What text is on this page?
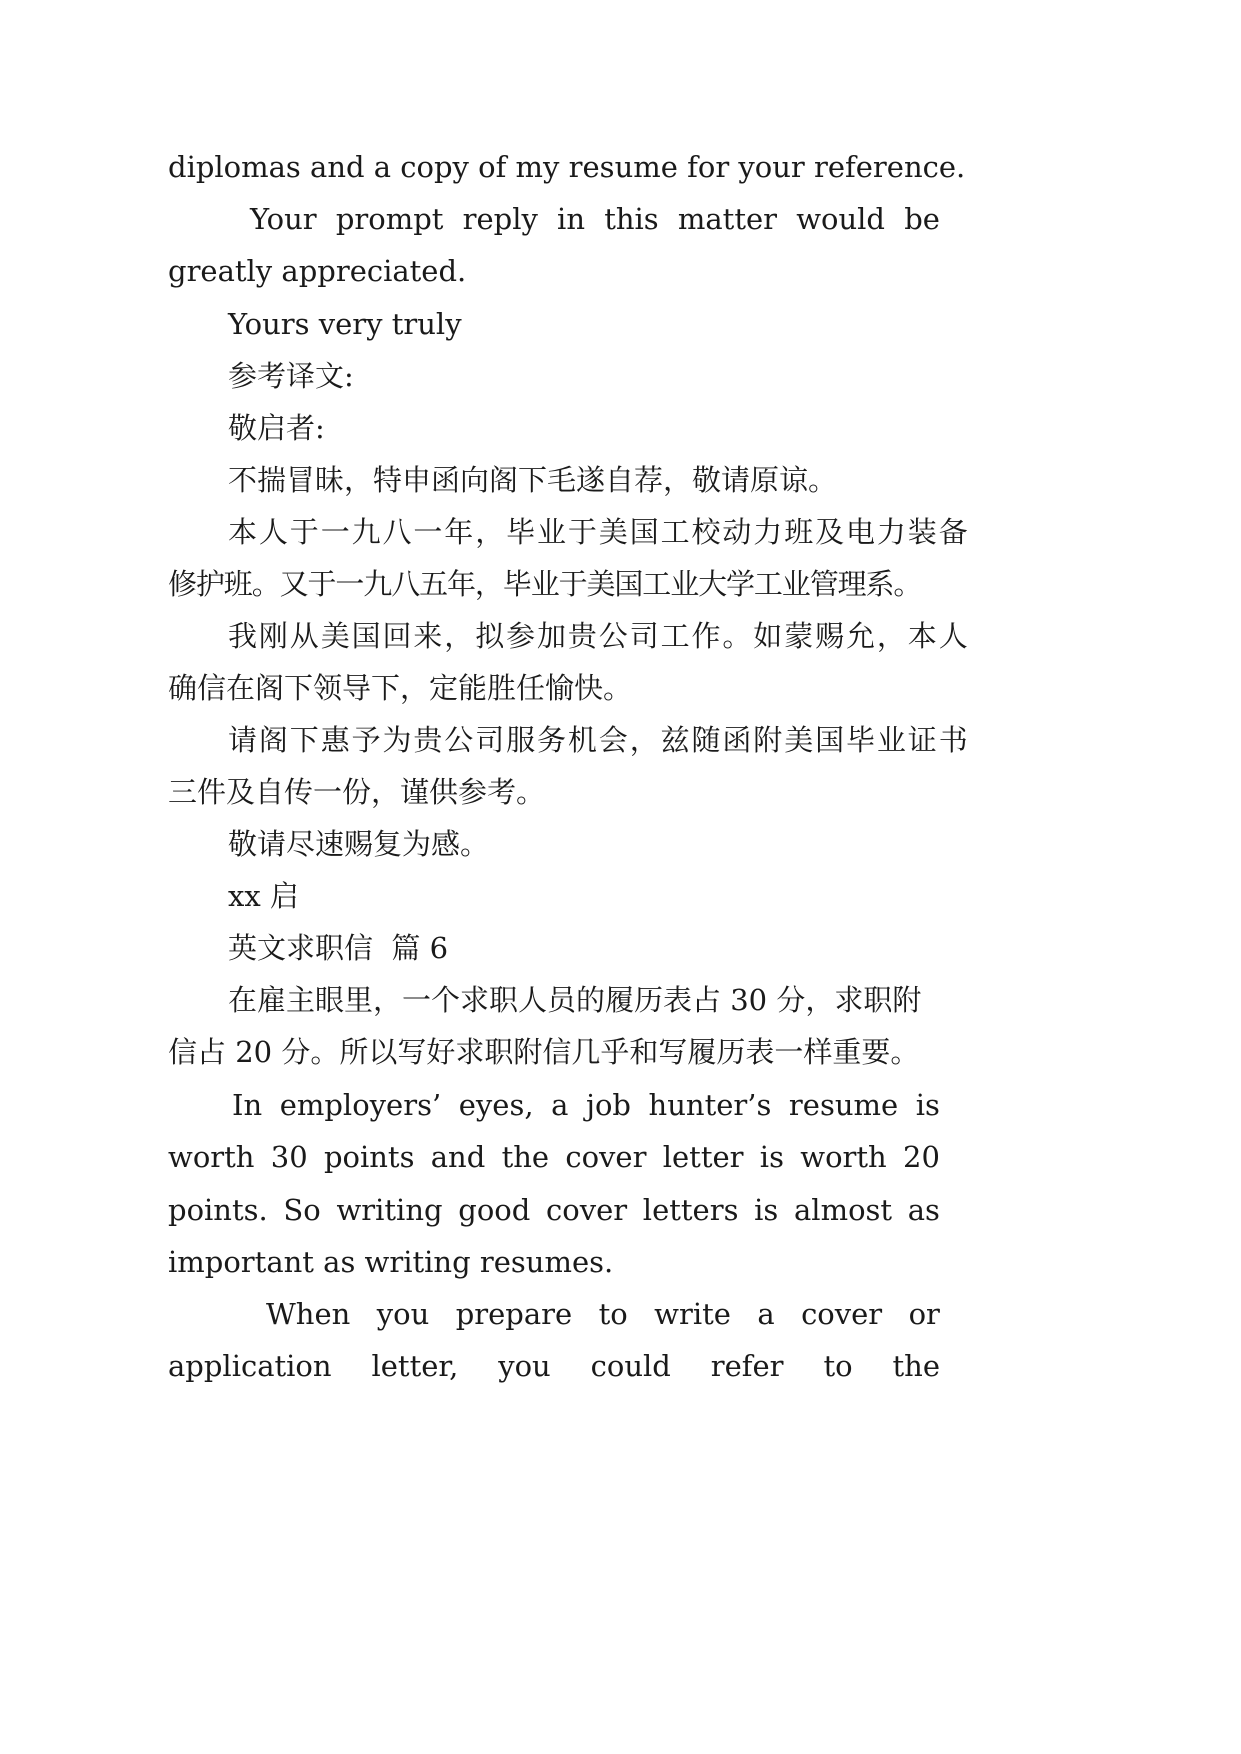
diplomas and a copy of my resume for your reference.
Your prompt reply in this matter would be
greatly appreciated.
Yours very truly
参考译文:
敬启者:
不揣冒昧，特申函向阁下毛遂自荐，敬请原谅。
本人于一九八一年，毕业于美国工校动力班及电力装备
修护班。又于一九八五年，毕业于美国工业大学工业管理系。
我刚从美国回来，拟参加贵公司工作。如蒙赐允，本人
确信在阁下领导下，定能胜任愉快。
请阁下惠予为贵公司服务机会，兹随函附美国毕业证书
三件及自传一份，谨供参考。
敬请尽速赐复为感。
xx 启
英文求职信  篇 6
在雇主眼里，一个求职人员的履历表占 30 分，求职附
信占 20 分。所以写好求职附信几乎和写履历表一样重要。
In employers’ eyes, a job hunter’s resume is
worth 30 points and the cover letter is worth 20
points. So writing good cover letters is almost as
important as writing resumes.
When you prepare to write a cover or
application letter, you could refer to the
